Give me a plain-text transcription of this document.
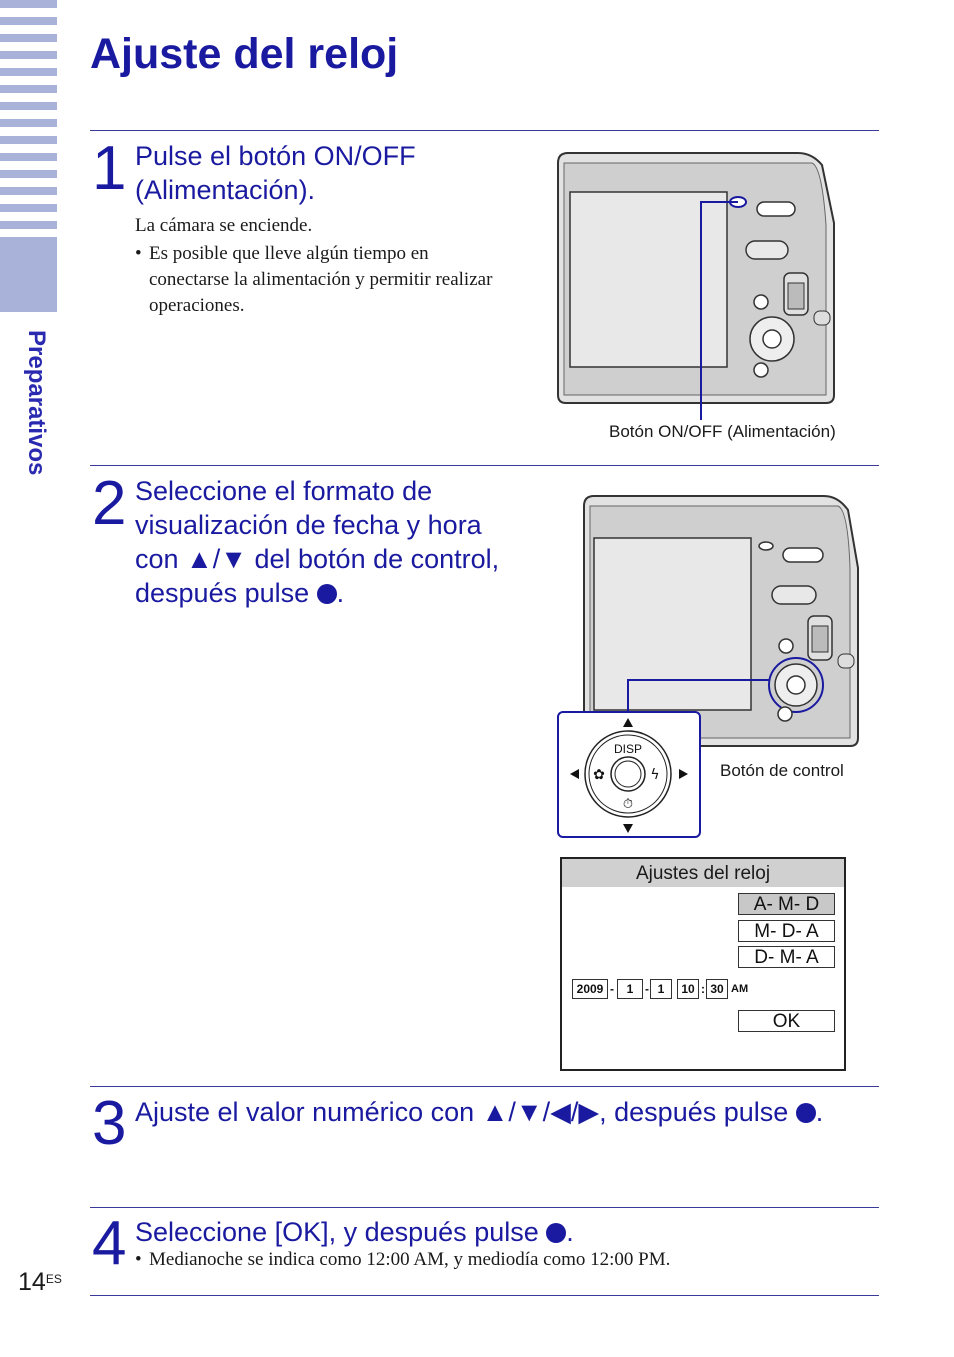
Preparativos
Ajuste del reloj
1 Pulse el botón ON/OFF (Alimentación).
La cámara se enciende.
• Es posible que lleve algún tiempo en conectarse la alimentación y permitir realizar operaciones.
Botón ON/OFF (Alimentación)
2 Seleccione el formato de visualización de fecha y hora con ▲/▼ del botón de control, después pulse .
DISP
✿	ϟ
⏱
Botón de control
Ajustes del reloj
A- M- D
M- D- A
D- M- A
2009 -	1 - 1	10 : 30 AM
OK
3 Ajuste el valor numérico con ▲/▼/◀/▶, después pulse .
• Medianoche se indica como 12:00 AM, y mediodía como 12:00 PM.
4 Seleccione [OK], y después pulse .
$14^{ES}$
